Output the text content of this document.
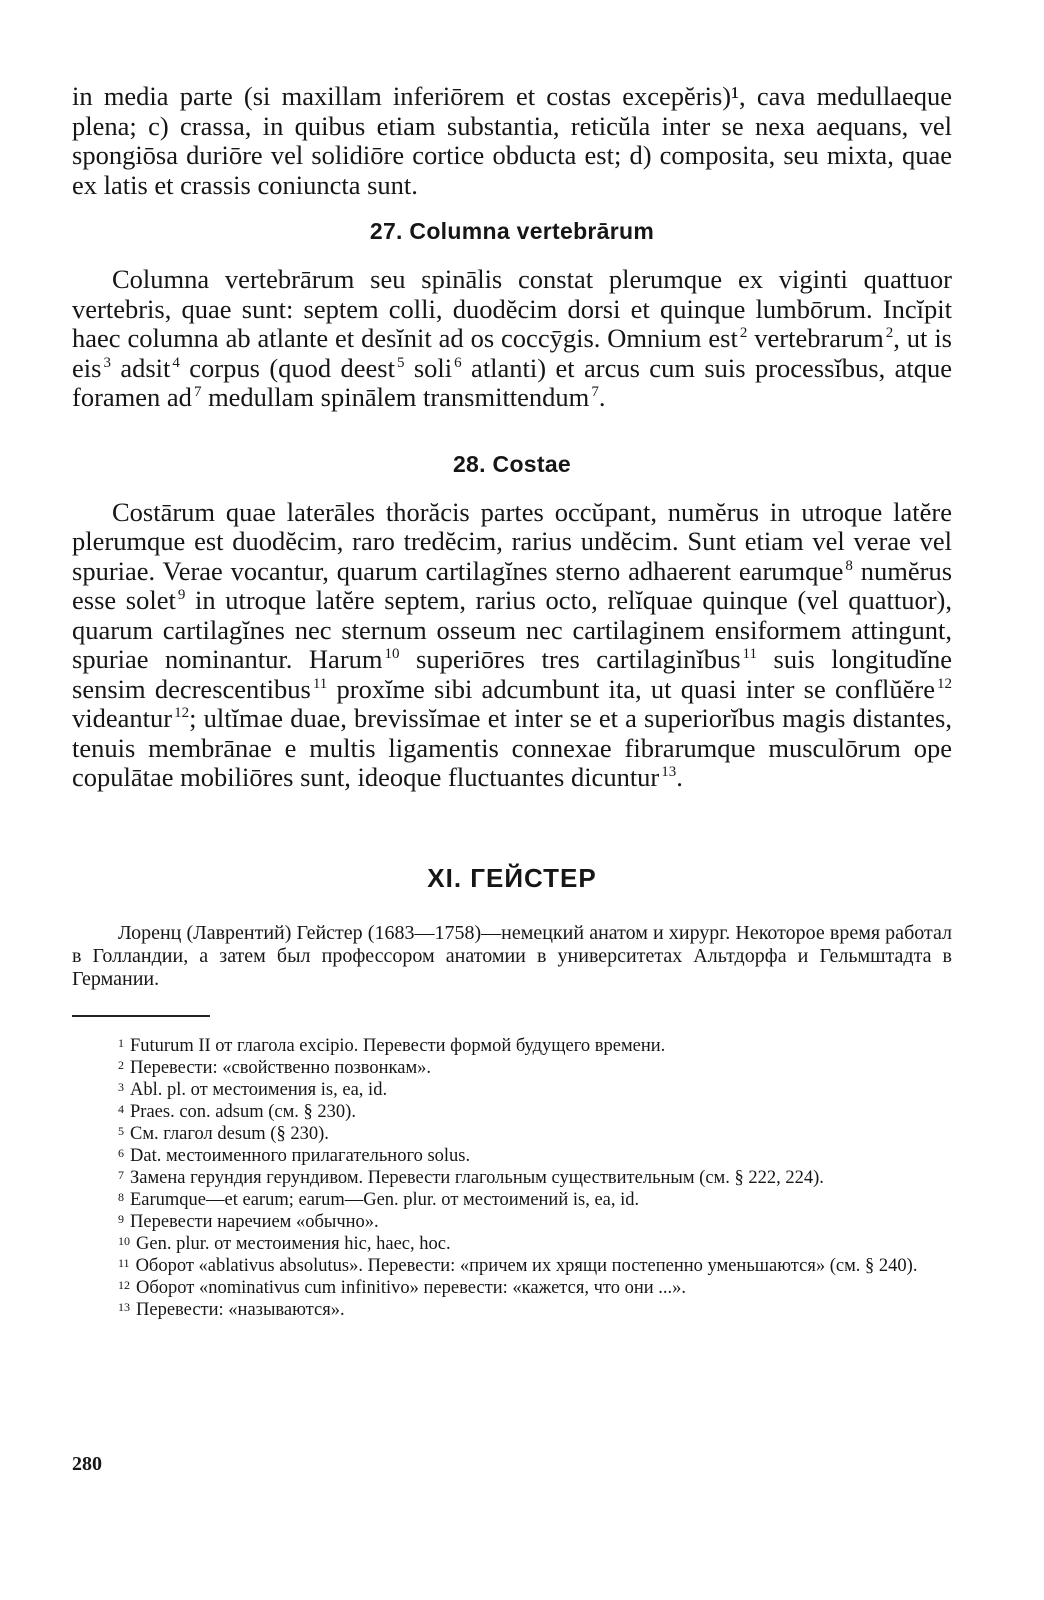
in media parte (si maxillam inferiōrem et costas excepĕris)¹, cava medullaeque plena; c) crassa, in quibus etiam substantia, reticŭla inter se nexa aequans, vel spongiōsa duriōre vel solidiōre cortice obducta est; d) composita, seu mixta, quae ex latis et crassis coniuncta sunt.

27. Columna vertebrārum

Columna vertebrārum seu spinālis constat plerumque ex viginti quattuor vertebris, quae sunt: septem colli, duodĕcim dorsi et quinque lumbōrum. Incĭpit haec columna ab atlante et desĭnit ad os coccȳgis. Omnium est $^2$ vertebrarum $^2$, ut is eis $^3$ adsit $^4$ corpus (quod deest $^5$ soli $^6$ atlanti) et arcus cum suis processĭbus, atque foramen ad $^7$ medullam spinālem transmittendum $^7$.

28. Costae

Costārum quae laterāles thorăcis partes occŭpant, numĕrus in utroque latĕre plerumque est duodĕcim, raro tredĕcim, rarius undĕcim. Sunt etiam vel verae vel spuriae. Verae vocantur, quarum cartilagĭnes sterno adhaerent earumque $^8$ numĕrus esse solet $^9$ in utroque latĕre septem, rarius octo, relĭquae quinque (vel quattuor), quarum cartilagĭnes nec sternum osseum nec cartilaginem ensiformem attingunt, spuriae nominantur. Harum $^{10}$ superiōres tres cartilaginĭbus $^{11}$ suis longitudĭne sensim decrescentibus $^{11}$ proxĭme sibi adcumbunt ita, ut quasi inter se conflŭĕre $^{12}$ videantur $^{12}$; ultĭmae duae, brevissĭmae et inter se et a superiorĭbus magis distantes, tenuis membrānae e multis ligamentis connexae fibrarumque musculōrum ope copulātae mobiliōres sunt, ideoque fluctuantes dicuntur $^{13}$.

XI. ГЕЙСТЕР

Лоренц (Лаврентий) Гейстер (1683—1758)—немецкий анатом и хирург. Некоторое время работал в Голландии, а затем был профессором анатомии в университетах Альтдорфа и Гельмштадта в Германии.

$^1$ Futurum II от глагола excipio. Перевести формой будущего времени.

$^2$ Перевести: «свойственно позвонкам».

$^3$ Abl. pl. от местоимения is, ea, id.

$^4$ Praes. con. adsum (см. § 230).

$^5$ См. глагол desum (§ 230).

$^6$ Dat. местоименного прилагательного solus.

$^7$ Замена герундия герундивом. Перевести глагольным существительным (см. § 222, 224).

$^8$ Earumque—et earum; earum—Gen. plur. от местоимений is, ea, id.

$^9$ Перевести наречием «обычно».

$^{10}$ Gen. plur. от местоимения hic, haec, hoc.

$^{11}$ Оборот «ablativus absolutus». Перевести: «причем их хрящи постепенно уменьшаются» (см. § 240).

$^{12}$ Оборот «nominativus cum infinitivo» перевести: «кажется, что они ...».

$^{13}$ Перевести: «называются».

280
